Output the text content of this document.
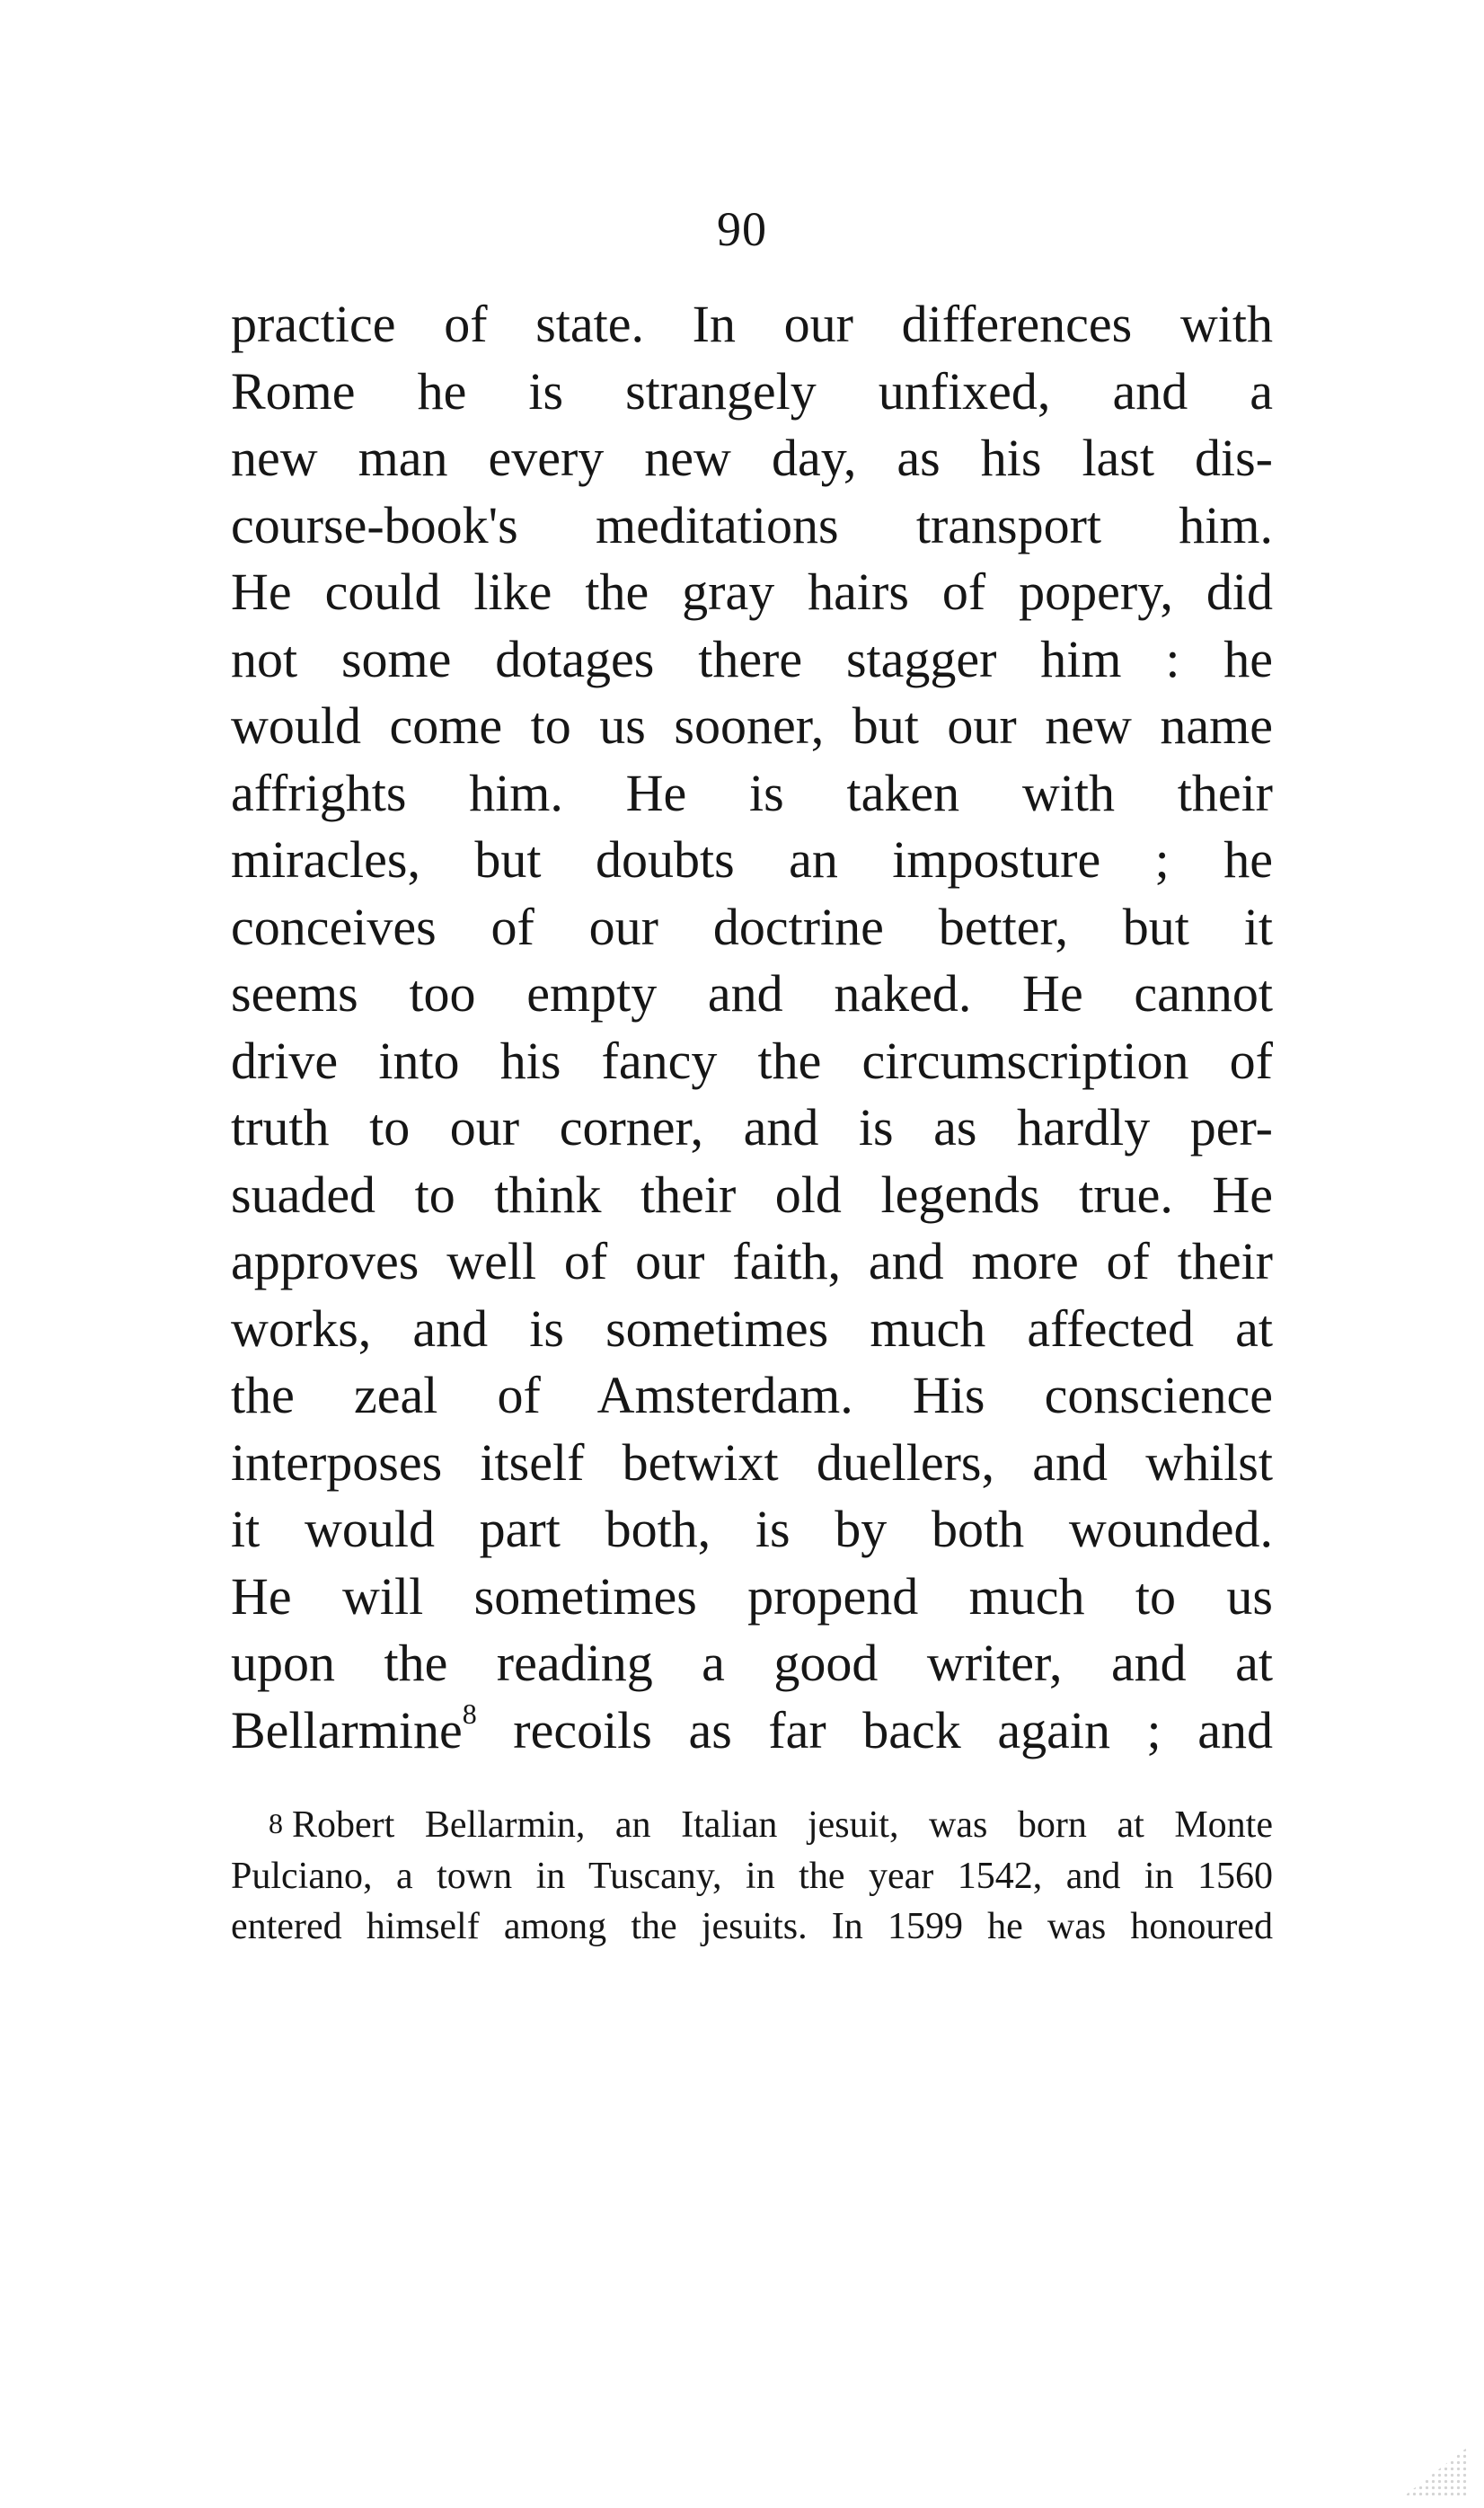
90
practice of state. In our differences with
Rome he is strangely unfixed, and a
new man every new day, as his last dis-
course-book's meditations transport him.
He could like the gray hairs of popery, did
not some dotages there stagger him : he
would come to us sooner, but our new name
affrights him. He is taken with their
miracles, but doubts an imposture ; he
conceives of our doctrine better, but it
seems too empty and naked. He cannot
drive into his fancy the circumscription of
truth to our corner, and is as hardly per-
suaded to think their old legends true. He
approves well of our faith, and more of their
works, and is sometimes much affected at
the zeal of Amsterdam. His conscience
interposes itself betwixt duellers, and whilst
it would part both, is by both wounded.
He will sometimes propend much to us
upon the reading a good writer, and at
Bellarmine$^8$ recoils as far back again ; and
8 Robert Bellarmin, an Italian jesuit, was born at Monte
Pulciano, a town in Tuscany, in the year 1542, and in 1560
entered himself among the jesuits. In 1599 he was honoured
